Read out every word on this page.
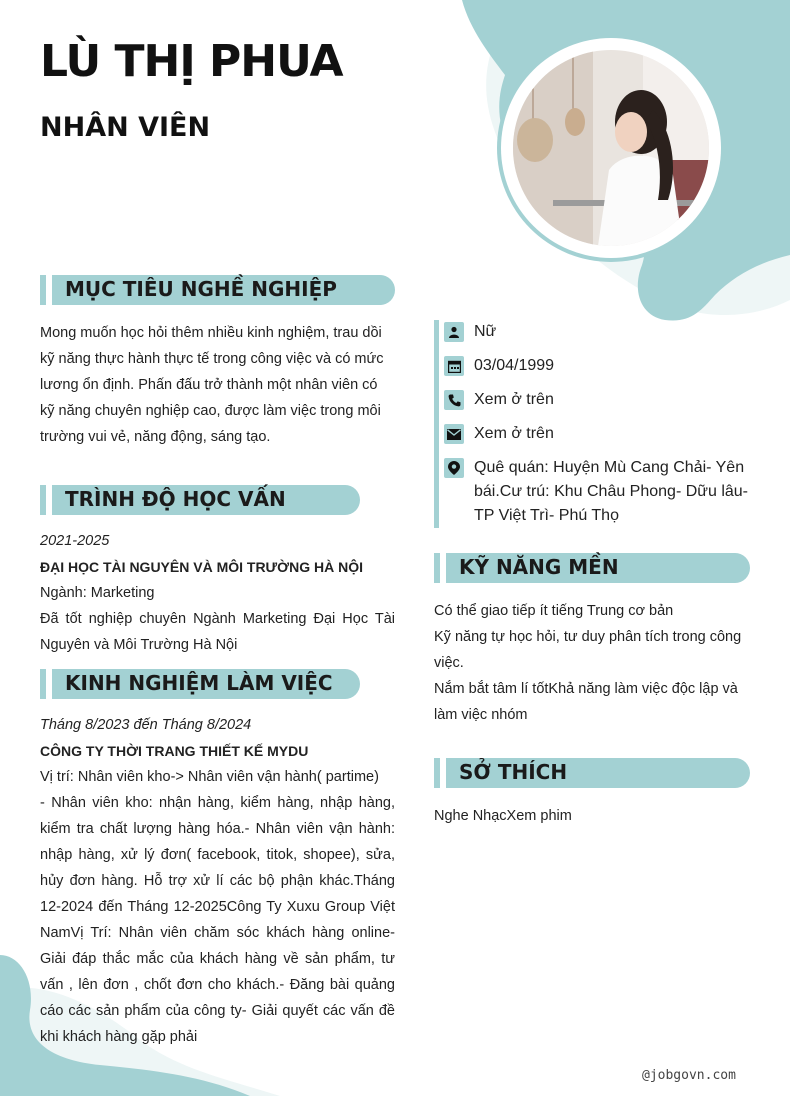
LÙ THỊ PHUA
NHÂN VIÊN
MỤC TIÊU NGHỀ NGHIỆP
Mong muốn học hỏi thêm nhiều kinh nghiệm, trau dồi
kỹ năng thực hành thực tế trong công việc và có mức
lương ổn định. Phấn đấu trở thành một nhân viên có
kỹ năng chuyên nghiệp cao, được làm việc trong môi
trường vui vẻ, năng động, sáng tạo.
TRÌNH ĐỘ HỌC VẤN
2021-2025
ĐẠI HỌC TÀI NGUYÊN VÀ MÔI TRƯỜNG HÀ NỘI
Ngành: Marketing
Đã tốt nghiệp chuyên Ngành Marketing Đại Học Tài
Nguyên và Môi Trường Hà Nội
KINH NGHIỆM LÀM VIỆC
Tháng 8/2023 đến Tháng 8/2024
CÔNG TY THỜI TRANG THIẾT KẾ MYDU
Vị trí: Nhân viên kho-> Nhân viên vận hành( partime)
- Nhân viên kho: nhận hàng, kiểm hàng, nhập hàng,
kiểm tra chất lượng hàng hóa.- Nhân viên vận hành:
nhập hàng, xử lý đơn( facebook, titok, shopee), sửa,
hủy đơn hàng. Hỗ trợ xử lí các bộ phận khác.Tháng
12-2024 đến Tháng 12-2025Công Ty Xuxu Group Việt
NamVị Trí: Nhân viên chăm sóc khách hàng online-
Giải đáp thắc mắc của khách hàng về sản phẩm, tư
vấn , lên đơn , chốt đơn cho khách.- Đăng bài quảng
cáo các sản phẩm của công ty- Giải quyết các vấn đề
khi khách hàng gặp phải
Nữ
03/04/1999
Xem ở trên
Xem ở trên
Quê quán: Huyện Mù Cang Chải- Yên bái.Cư trú: Khu Châu Phong- Dữu lâu- TP Việt Trì- Phú Thọ
KỸ NĂNG MỀN
Có thể giao tiếp ít tiếng Trung cơ bản
Kỹ năng tự học hỏi, tư duy phân tích trong công
việc.
Nắm bắt tâm lí tốtKhả năng làm việc độc lập và
làm việc nhóm
SỞ THÍCH
Nghe NhạcXem phim
@jobgovn.com
